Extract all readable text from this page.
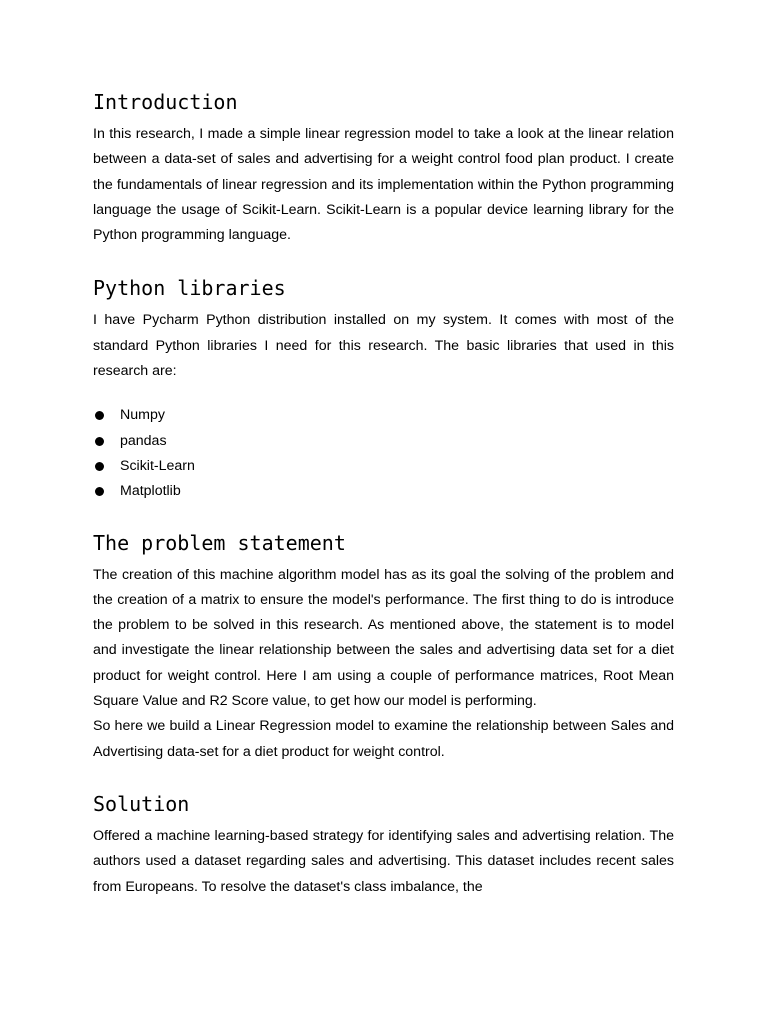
Introduction

In this research, I made a simple linear regression model to take a look at the linear relation between a data-set of sales and advertising for a weight control food plan product. I create the fundamentals of linear regression and its implementation within the Python programming language the usage of Scikit-Learn. Scikit-Learn is a popular device learning library for the Python programming language.

Python libraries

I have Pycharm Python distribution installed on my system. It comes with most of the standard Python libraries I need for this research. The basic libraries that used in this research are:

Numpy
pandas
Scikit-Learn
Matplotlib
The problem statement

The creation of this machine algorithm model has as its goal the solving of the problem and the creation of a matrix to ensure the model's performance. The first thing to do is introduce the problem to be solved in this research. As mentioned above, the statement is to model and investigate the linear relationship between the sales and advertising data set for a diet product for weight control. Here I am using a couple of performance matrices, Root Mean Square Value and R2 Score value, to get how our model is performing.

So here we build a Linear Regression model to examine the relationship between Sales and Advertising data-set for a diet product for weight control.

Solution

Offered a machine learning-based strategy for identifying sales and advertising relation. The authors used a dataset regarding sales and advertising. This dataset includes recent sales from Europeans. To resolve the dataset's class imbalance, the
